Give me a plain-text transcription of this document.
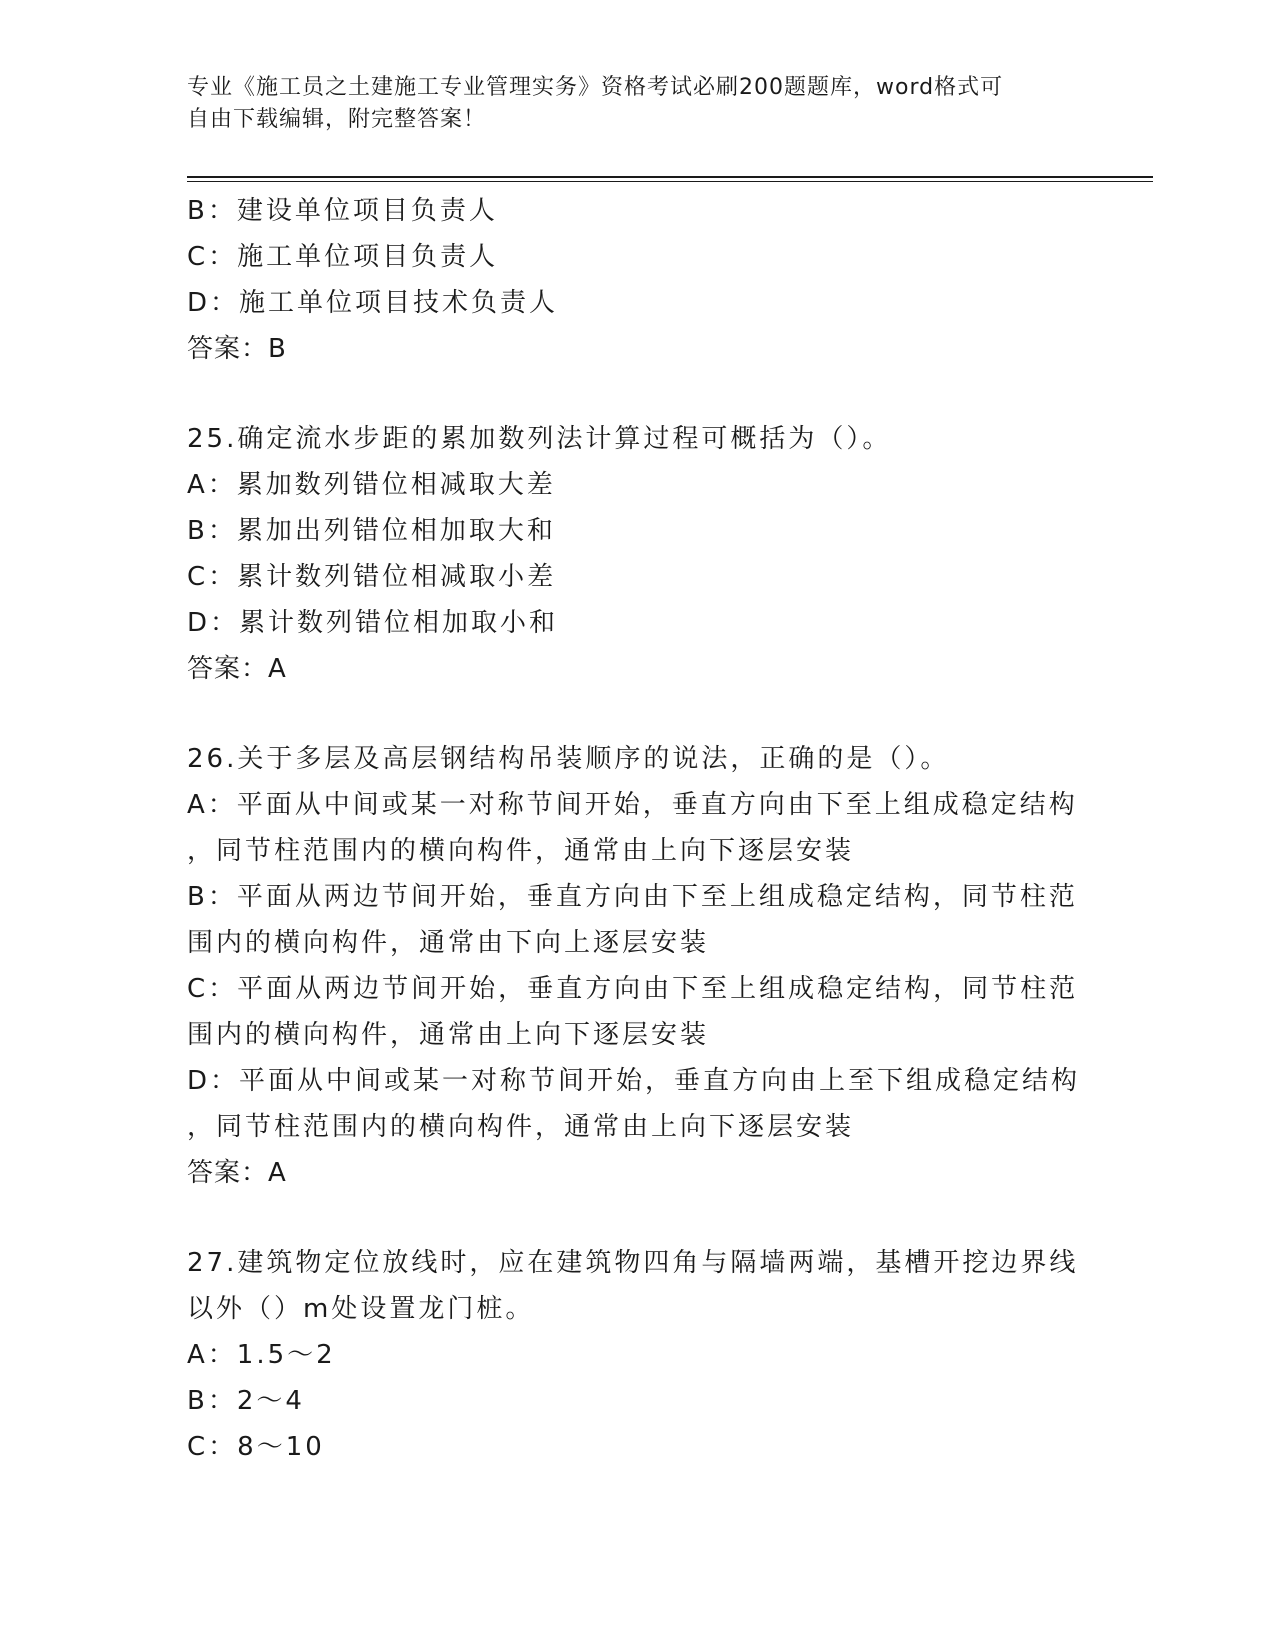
专业《施工员之土建施工专业管理实务》资格考试必刷200题题库，word格式可
自由下载编辑，附完整答案！
B：建设单位项目负责人
C：施工单位项目负责人
D：施工单位项目技术负责人
答案：B
25.确定流水步距的累加数列法计算过程可概括为（）。
A：累加数列错位相减取大差
B：累加出列错位相加取大和
C：累计数列错位相减取小差
D：累计数列错位相加取小和
答案：A
26.关于多层及高层钢结构吊装顺序的说法，正确的是（）。
A：平面从中间或某一对称节间开始，垂直方向由下至上组成稳定结构
，同节柱范围内的横向构件，通常由上向下逐层安装
B：平面从两边节间开始，垂直方向由下至上组成稳定结构，同节柱范
围内的横向构件，通常由下向上逐层安装
C：平面从两边节间开始，垂直方向由下至上组成稳定结构，同节柱范
围内的横向构件，通常由上向下逐层安装
D：平面从中间或某一对称节间开始，垂直方向由上至下组成稳定结构
，同节柱范围内的横向构件，通常由上向下逐层安装
答案：A
27.建筑物定位放线时，应在建筑物四角与隔墙两端，基槽开挖边界线
以外（）m处设置龙门桩。
A：1.5～2
B：2～4
C：8～10
